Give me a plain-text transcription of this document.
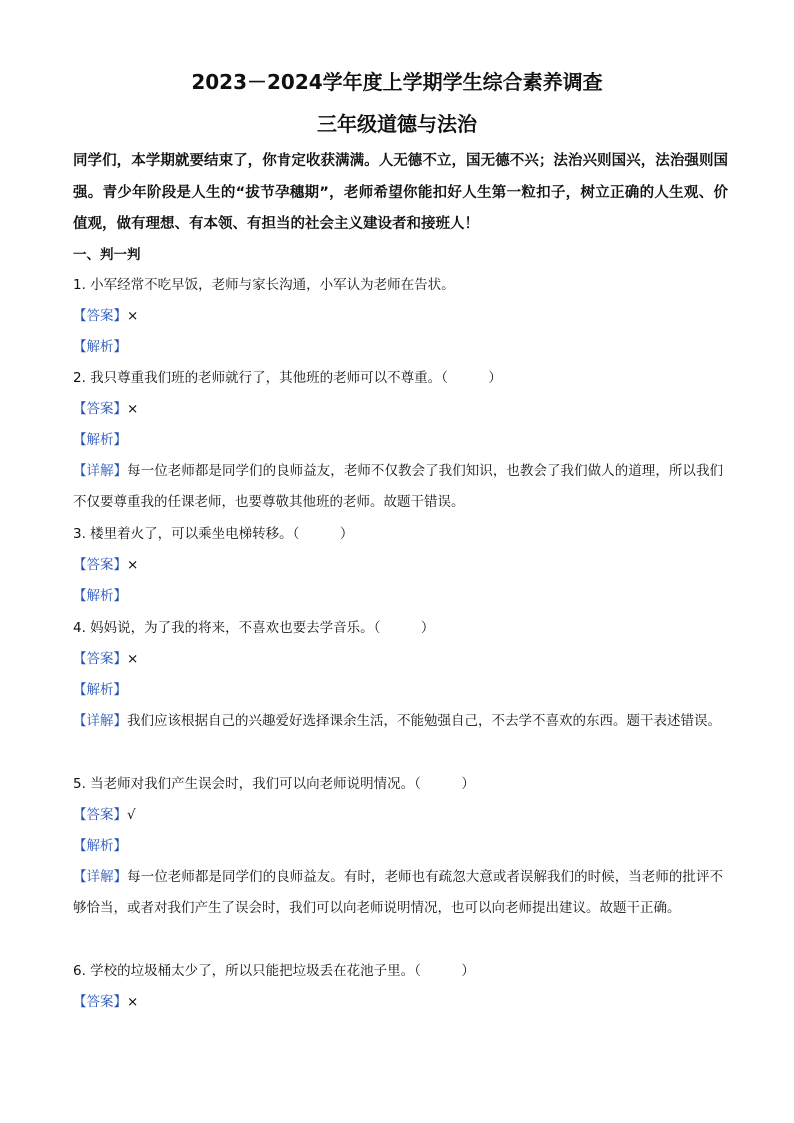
2023－2024学年度上学期学生综合素养调查
三年级道德与法治
同学们，本学期就要结束了，你肯定收获满满。人无德不立，国无德不兴；法治兴则国兴，法治强则国强。青少年阶段是人生的“拔节孕穗期”，老师希望你能扣好人生第一粒扣子，树立正确的人生观、价值观，做有理想、有本领、有担当的社会主义建设者和接班人！
一、判一判
1. 小军经常不吃早饭，老师与家长沟通，小军认为老师在告状。
【答案】×
【解析】
2. 我只尊重我们班的老师就行了，其他班的老师可以不尊重。（　　　）
【答案】×
【解析】
【详解】每一位老师都是同学们的良师益友，老师不仅教会了我们知识，也教会了我们做人的道理，所以我们不仅要尊重我的任课老师，也要尊敬其他班的老师。故题干错误。
3. 楼里着火了，可以乘坐电梯转移。（　　　）
【答案】×
【解析】
4. 妈妈说，为了我的将来，不喜欢也要去学音乐。（　　　）
【答案】×
【解析】
【详解】我们应该根据自己的兴趣爱好选择课余生活，不能勉强自己，不去学不喜欢的东西。题干表述错误。
5. 当老师对我们产生误会时，我们可以向老师说明情况。（　　　）
【答案】√
【解析】
【详解】每一位老师都是同学们的良师益友。有时，老师也有疏忽大意或者误解我们的时候，当老师的批评不够恰当，或者对我们产生了误会时，我们可以向老师说明情况，也可以向老师提出建议。故题干正确。
6. 学校的垃圾桶太少了，所以只能把垃圾丢在花池子里。（　　　）
【答案】×
